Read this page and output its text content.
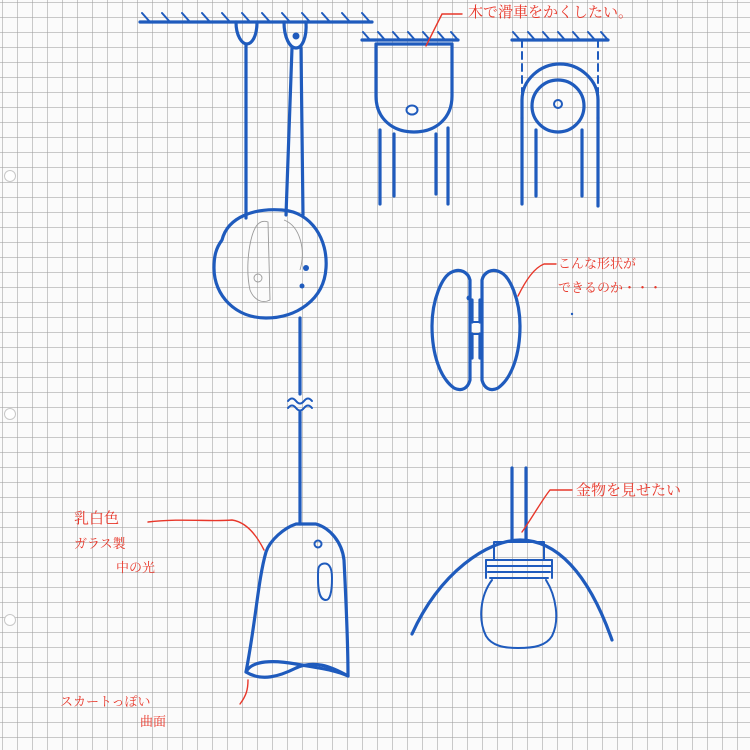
木で滑車をかくしたい。
こんな形状が
できるのか・・・
金物を見せたい
乳白色
ガラス製
中の光
スカートっぽい
曲面
